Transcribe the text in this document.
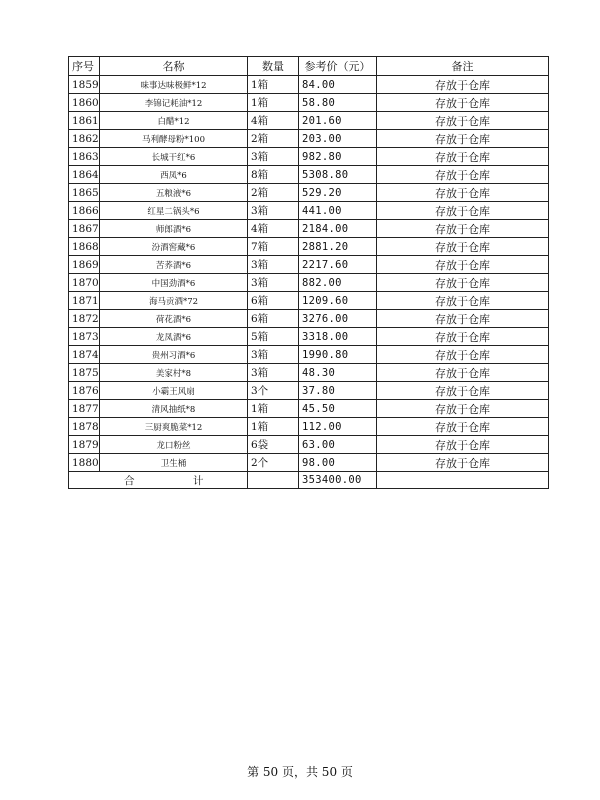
序号	名称	数量	参考价（元）	备注
1859	味事达味极鲜*12	1箱	84.00	存放于仓库
1860	李锦记耗油*12	1箱	58.80	存放于仓库
1861	白醋*12	4箱	201.60	存放于仓库
1862	马利酵母粉*100	2箱	203.00	存放于仓库
1863	长城干红*6	3箱	982.80	存放于仓库
1864	西凤*6	8箱	5308.80	存放于仓库
1865	五粮液*6	2箱	529.20	存放于仓库
1866	红星二锅头*6	3箱	441.00	存放于仓库
1867	师郎酒*6	4箱	2184.00	存放于仓库
1868	汾酒窖藏*6	7箱	2881.20	存放于仓库
1869	苦荞酒*6	3箱	2217.60	存放于仓库
1870	中国劲酒*6	3箱	882.00	存放于仓库
1871	海马贡酒*72	6箱	1209.60	存放于仓库
1872	荷花酒*6	6箱	3276.00	存放于仓库
1873	龙凤酒*6	5箱	3318.00	存放于仓库
1874	贵州习酒*6	3箱	1990.80	存放于仓库
1875	美家村*8	3箱	48.30	存放于仓库
1876	小霸王风扇	3个	37.80	存放于仓库
1877	清风抽纸*8	1箱	45.50	存放于仓库
1878	三厨爽脆菜*12	1箱	112.00	存放于仓库
1879	龙口粉丝	6袋	63.00	存放于仓库
1880	卫生桶	2个	98.00	存放于仓库
合 计			353400.00	
第 50 页，共 50 页
